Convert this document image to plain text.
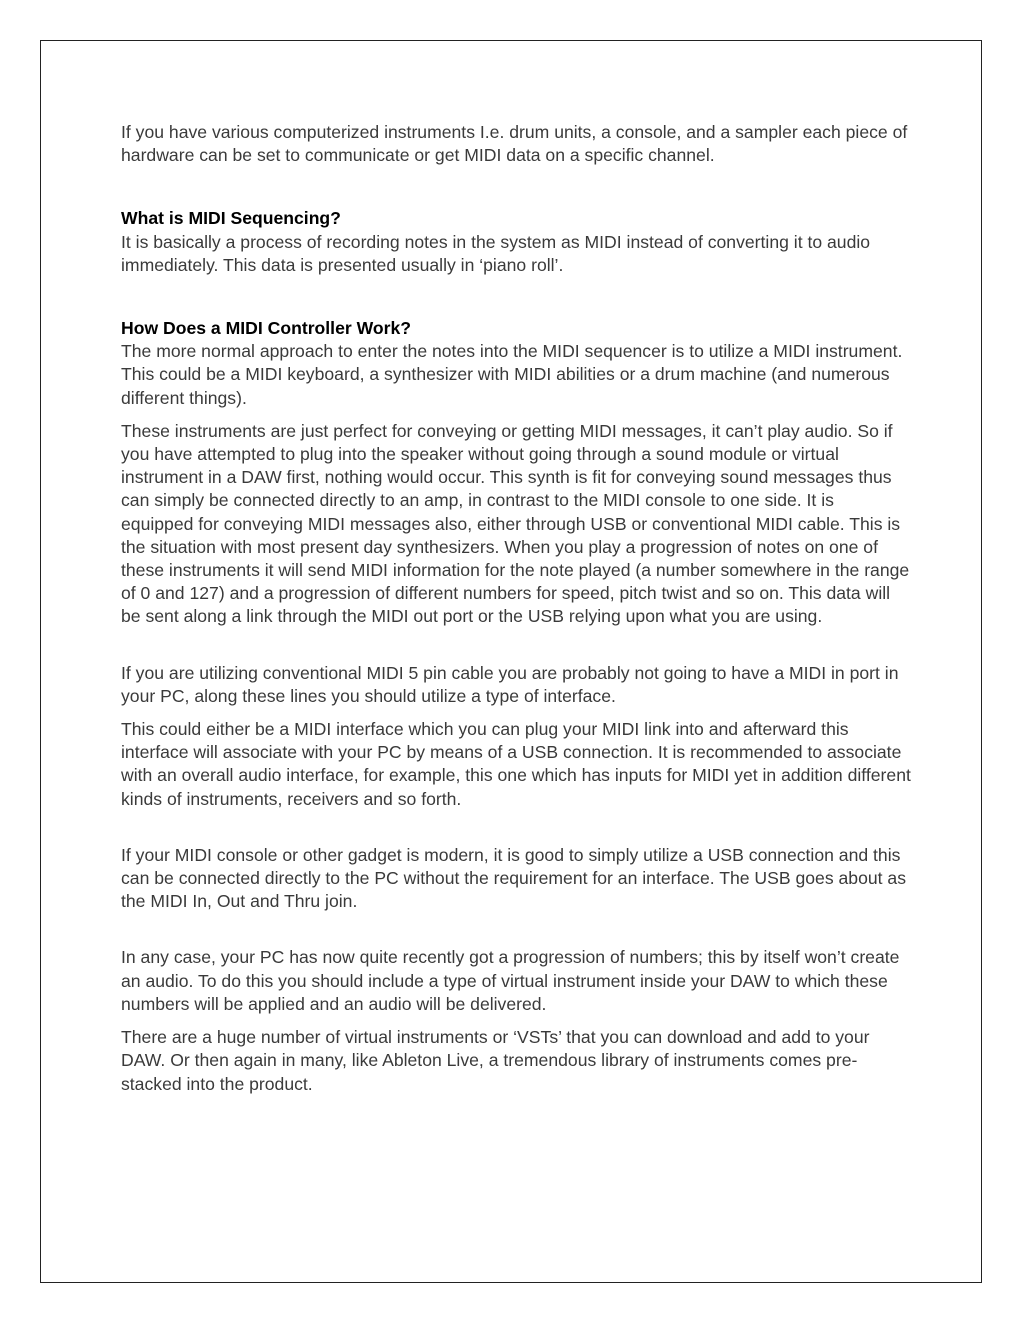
If you have various computerized instruments I.e. drum units, a console, and a sampler each piece of hardware can be set to communicate or get MIDI data on a specific channel.

What is MIDI Sequencing?

It is basically a process of recording notes in the system as MIDI instead of converting it to audio immediately. This data is presented usually in ‘piano roll’.

How Does a MIDI Controller Work?

The more normal approach to enter the notes into the MIDI sequencer is to utilize a MIDI instrument. This could be a MIDI keyboard, a synthesizer with MIDI abilities or a drum machine (and numerous different things).

These instruments are just perfect for conveying or getting MIDI messages, it can’t play audio. So if you have attempted to plug into the speaker without going through a sound module or virtual instrument in a DAW first, nothing would occur. This synth is fit for conveying sound messages thus can simply be connected directly to an amp, in contrast to the MIDI console to one side. It is equipped for conveying MIDI messages also, either through USB or conventional MIDI cable. This is the situation with most present day synthesizers. When you play a progression of notes on one of these instruments it will send MIDI information for the note played (a number somewhere in the range of 0 and 127) and a progression of different numbers for speed, pitch twist and so on. This data will be sent along a link through the MIDI out port or the USB relying upon what you are using.

If you are utilizing conventional MIDI 5 pin cable you are probably not going to have a MIDI in port in your PC, along these lines you should utilize a type of interface.

This could either be a MIDI interface which you can plug your MIDI link into and afterward this interface will associate with your PC by means of a USB connection. It is recommended to associate with an overall audio interface, for example, this one which has inputs for MIDI yet in addition different kinds of instruments, receivers and so forth.

If your MIDI console or other gadget is modern, it is good to simply utilize a USB connection and this can be connected directly to the PC without the requirement for an interface. The USB goes about as the MIDI In, Out and Thru join.

In any case, your PC has now quite recently got a progression of numbers; this by itself won’t create an audio. To do this you should include a type of virtual instrument inside your DAW to which these numbers will be applied and an audio will be delivered.

There are a huge number of virtual instruments or ‘VSTs’ that you can download and add to your DAW. Or then again in many, like Ableton Live, a tremendous library of instruments comes pre-stacked into the product.
